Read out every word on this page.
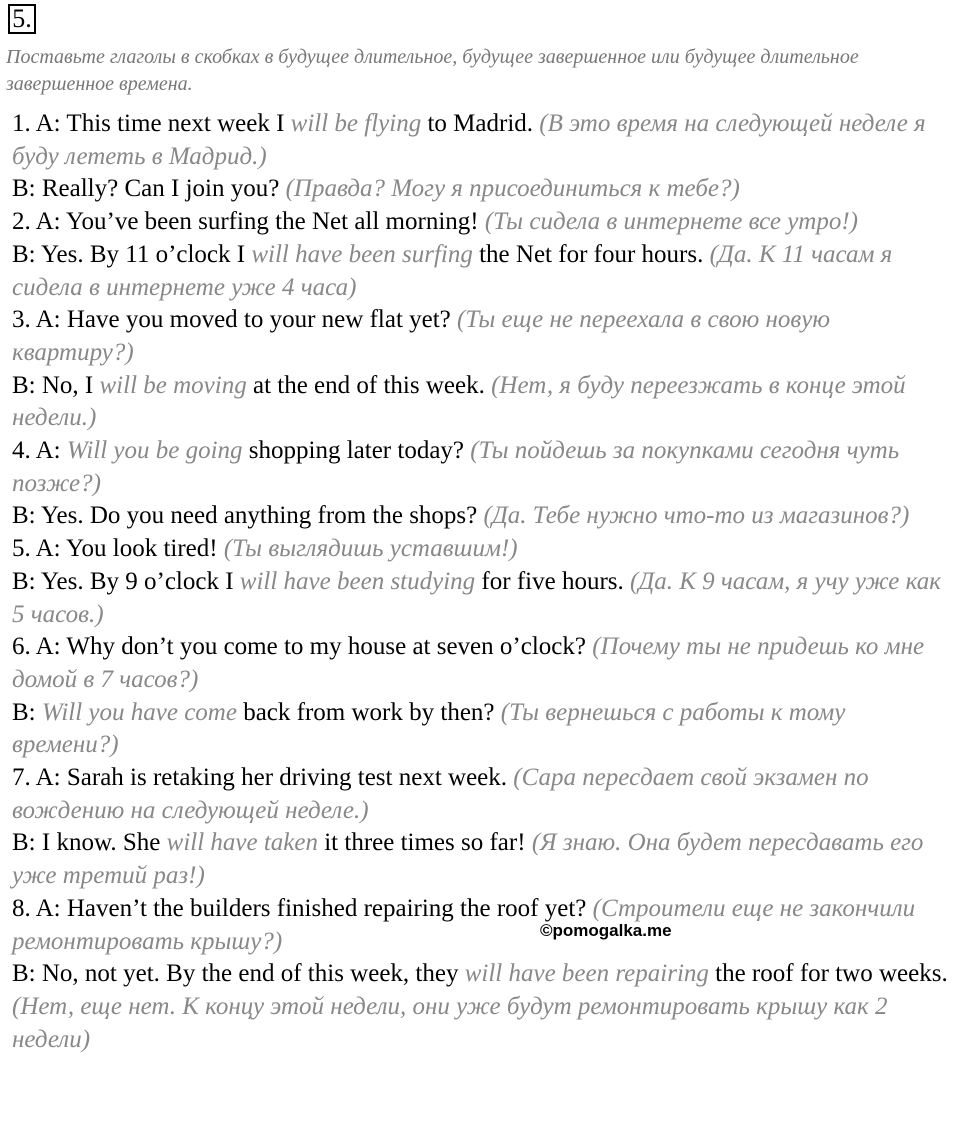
5.
Поставьте глаголы в скобках в будущее длительное, будущее завершенное или будущее длительное завершенное времена.

1. A: This time next week I will be flying to Madrid. (В это время на следующей неделе я буду лететь в Мадрид.)

B: Really? Can I join you? (Правда? Могу я присоединиться к тебе?)

2. A: You’ve been surfing the Net all morning! (Ты сидела в интернете все утро!)

B: Yes. By 11 o’clock I will have been surfing the Net for four hours. (Да. К 11 часам я сидела в интернете уже 4 часа)

3. A: Have you moved to your new flat yet? (Ты еще не переехала в свою новую квартиру?)

B: No, I will be moving at the end of this week. (Нет, я буду переезжать в конце этой недели.)

4. A: Will you be going shopping later today? (Ты пойдешь за покупками сегодня чуть позже?)

B: Yes. Do you need anything from the shops? (Да. Тебе нужно что-то из магазинов?)

5. A: You look tired! (Ты выглядишь уставшим!)

B: Yes. By 9 o’clock I will have been studying for five hours. (Да. К 9 часам, я учу уже как 5 часов.)

6. A: Why don’t you come to my house at seven o’clock? (Почему ты не придешь ко мне домой в 7 часов?)

B: Will you have come back from work by then? (Ты вернешься с работы к тому времени?)

7. A: Sarah is retaking her driving test next week. (Сара пересдает свой экзамен по вождению на следующей неделе.)

B: I know. She will have taken it three times so far! (Я знаю. Она будет пересдавать его уже третий раз!)

8. A: Haven’t the builders finished repairing the roof yet? (Строители еще не закончили ремонтировать крышу?)

B: No, not yet. By the end of this week, they will have been repairing the roof for two weeks. (Нет, еще нет. К концу этой недели, они уже будут ремонтировать крышу как 2 недели)

©pomogalka.me
